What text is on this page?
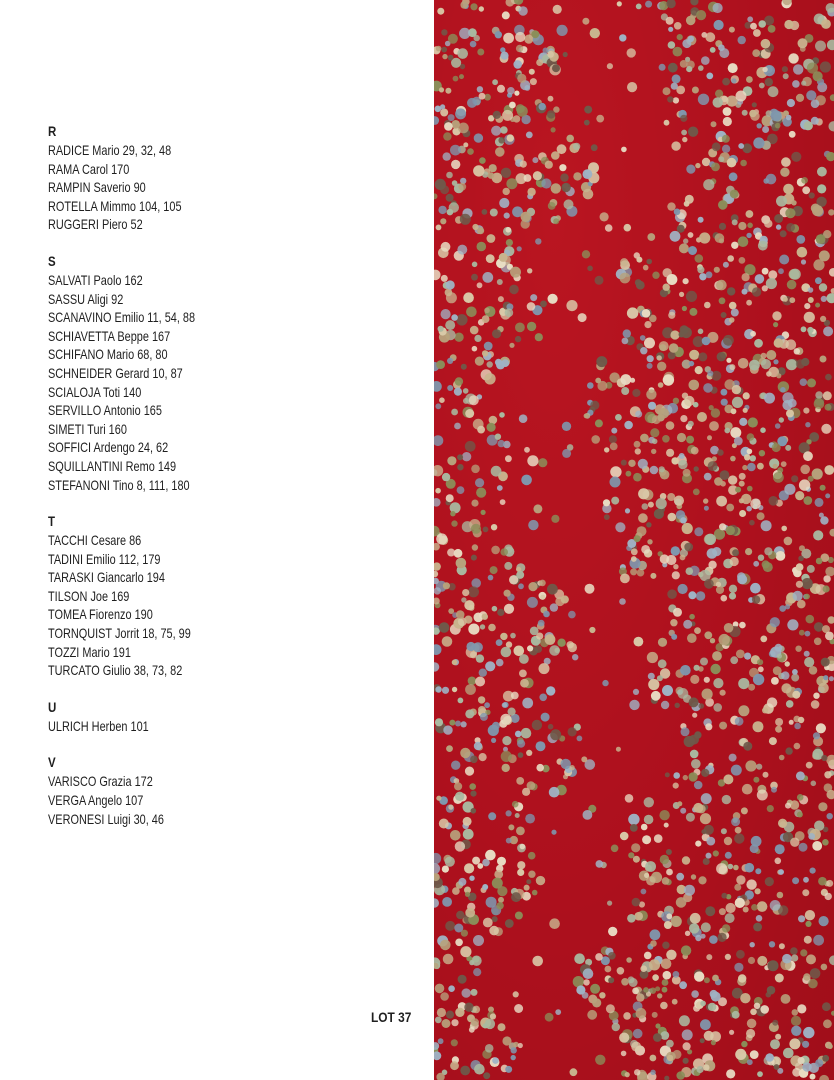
R
RADICE Mario 29, 32, 48
RAMA Carol 170
RAMPIN Saverio 90
ROTELLA Mimmo 104, 105
RUGGERI Piero 52
S
SALVATI Paolo 162
SASSU Aligi 92
SCANAVINO Emilio 11, 54, 88
SCHIAVETTA Beppe 167
SCHIFANO Mario 68, 80
SCHNEIDER Gerard 10, 87
SCIALOJA Toti 140
SERVILLO Antonio 165
SIMETI Turi 160
SOFFICI Ardengo 24, 62
SQUILLANTINI Remo 149
STEFANONI Tino 8, 111, 180
T
TACCHI Cesare 86
TADINI Emilio 112, 179
TARASKI Giancarlo 194
TILSON Joe 169
TOMEA Fiorenzo 190
TORNQUIST Jorrit 18, 75, 99
TOZZI Mario 191
TURCATO Giulio 38, 73, 82
U
ULRICH Herben 101
V
VARISCO Grazia 172
VERGA Angelo 107
VERONESI Luigi 30, 46
LOT 37
